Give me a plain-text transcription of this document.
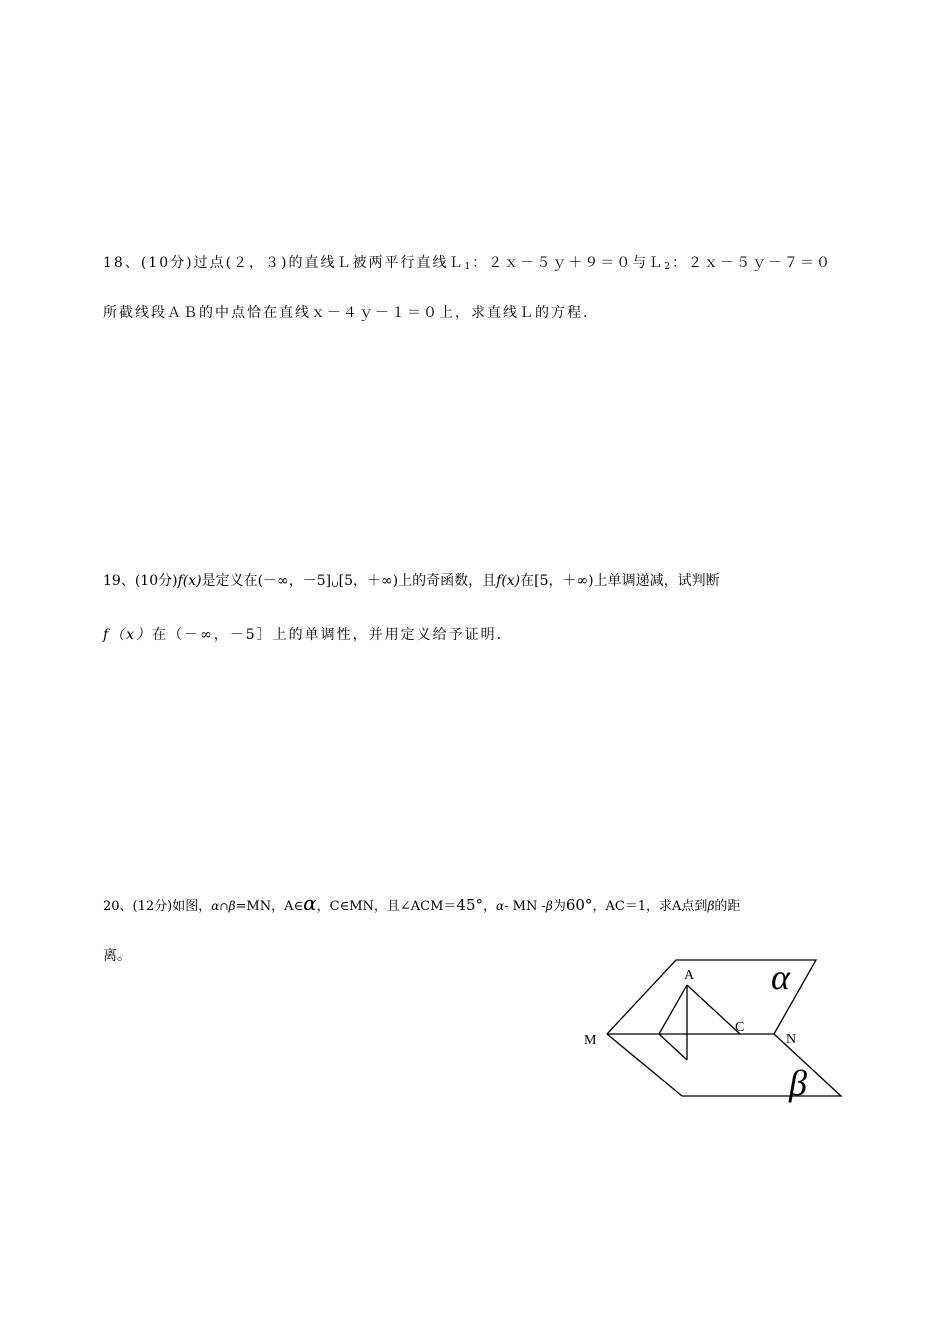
18、(10分)过点(２，３)的直线Ｌ被两平行直线Ｌ$_1$：２ｘ－５ｙ＋９＝０与Ｌ$_2$：２ｘ－５ｙ－７＝０
所截线段ＡＢ的中点恰在直线ｘ－４ｙ－１＝０上，求直线Ｌ的方程.
19、(10分)f(x)是定义在(－∞，$-5]_\cup[5$，＋∞)上的奇函数，且f(x)在[5，＋∞)上单调递减，试判断
f（x）在（－∞，－5］上的单调性，并用定义给予证明.
20、(12分)如图，α∩β=MN，A∈α，C∈MN，且∠ACM＝45°，α- MN -β为60°，AC＝1，求A点到β的距
离。
A
C
M	N
α
β
